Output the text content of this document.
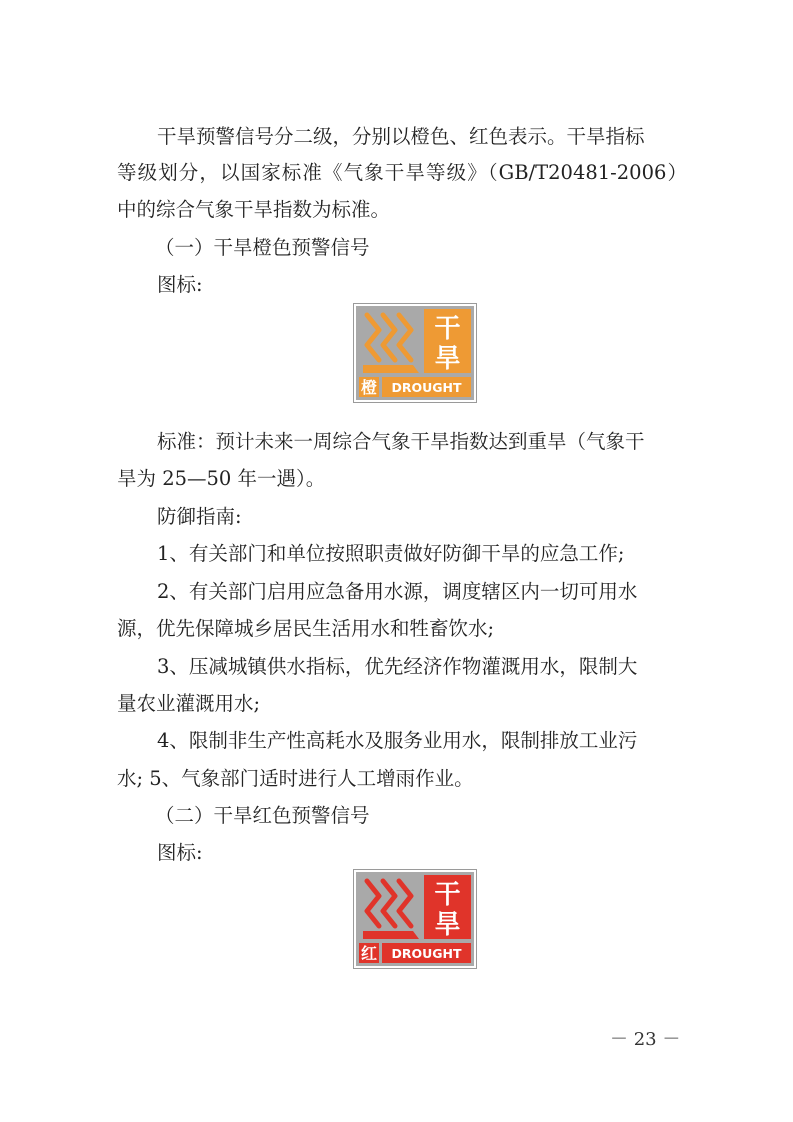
干旱预警信号分二级，分别以橙色、红色表示。干旱指标
等级划分，以国家标准《气象干旱等级》（GB/T20481-2006）
中的综合气象干旱指数为标准。
（一）干旱橙色预警信号
图标:
干
旱
橙 DROUGHT
标准：预计未来一周综合气象干旱指数达到重旱（气象干
旱为 25—50 年一遇）。
防御指南:
1、有关部门和单位按照职责做好防御干旱的应急工作;
2、有关部门启用应急备用水源，调度辖区内一切可用水
源，优先保障城乡居民生活用水和牲畜饮水;
3、压减城镇供水指标，优先经济作物灌溉用水，限制大
量农业灌溉用水;
4、限制非生产性高耗水及服务业用水，限制排放工业污
水; 5、气象部门适时进行人工增雨作业。
（二）干旱红色预警信号
图标:
干
旱
红 DROUGHT
－ 23 －
